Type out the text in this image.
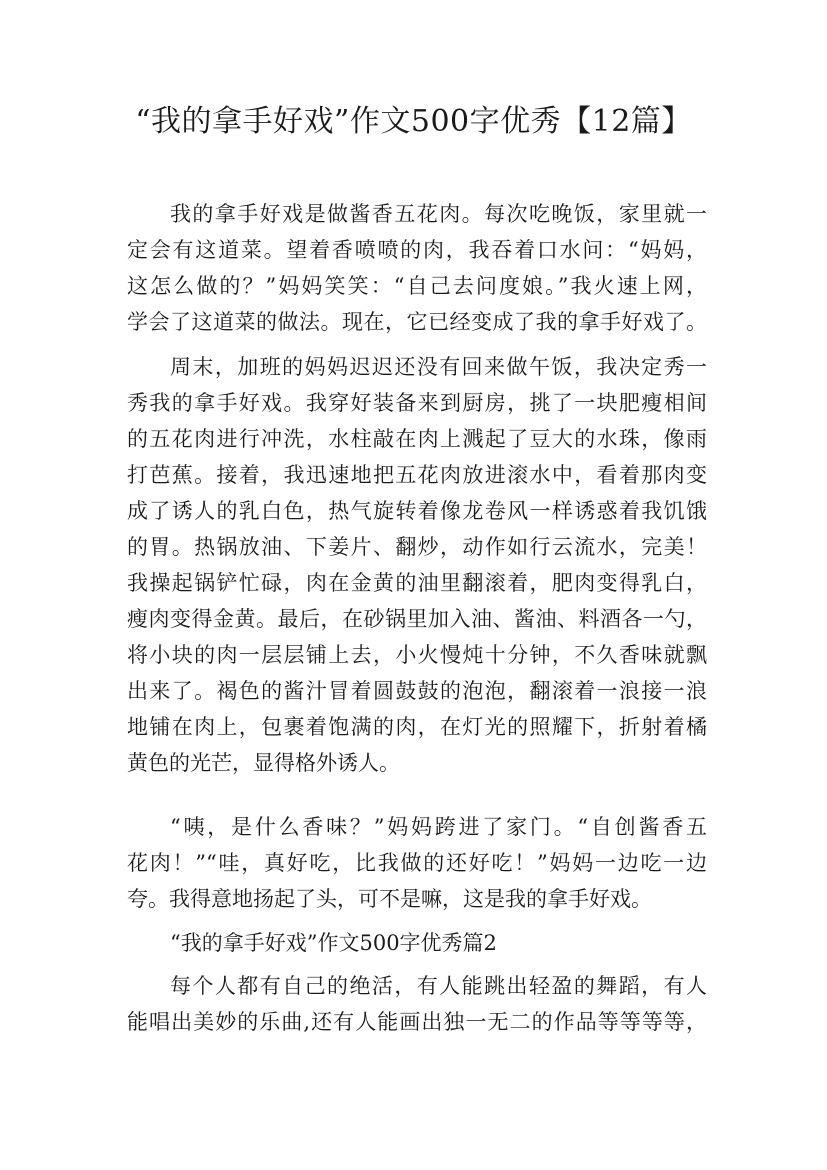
“我的拿手好戏”作文500字优秀【12篇】
我的拿手好戏是做酱香五花肉。每次吃晚饭，家里就一
定会有这道菜。望着香喷喷的肉，我吞着口水问：“妈妈，
这怎么做的？”妈妈笑笑：“自己去问度娘。”我火速上网，
学会了这道菜的做法。现在，它已经变成了我的拿手好戏了。
周末，加班的妈妈迟迟还没有回来做午饭，我决定秀一
秀我的拿手好戏。我穿好装备来到厨房，挑了一块肥瘦相间
的五花肉进行冲洗，水柱敲在肉上溅起了豆大的水珠，像雨
打芭蕉。接着，我迅速地把五花肉放进滚水中，看着那肉变
成了诱人的乳白色，热气旋转着像龙卷风一样诱惑着我饥饿
的胃。热锅放油、下姜片、翻炒，动作如行云流水，完美！
我操起锅铲忙碌，肉在金黄的油里翻滚着，肥肉变得乳白，
瘦肉变得金黄。最后，在砂锅里加入油、酱油、料酒各一勺，
将小块的肉一层层铺上去，小火慢炖十分钟，不久香味就飘
出来了。褐色的酱汁冒着圆鼓鼓的泡泡，翻滚着一浪接一浪
地铺在肉上，包裹着饱满的肉，在灯光的照耀下，折射着橘
黄色的光芒，显得格外诱人。
“咦，是什么香味？”妈妈跨进了家门。“自创酱香五
花肉！”“哇，真好吃，比我做的还好吃！”妈妈一边吃一边
夸。我得意地扬起了头，可不是嘛，这是我的拿手好戏。
“我的拿手好戏”作文500字优秀篇2
每个人都有自己的绝活，有人能跳出轻盈的舞蹈，有人
能唱出美妙的乐曲,还有人能画出独一无二的作品等等等等，
